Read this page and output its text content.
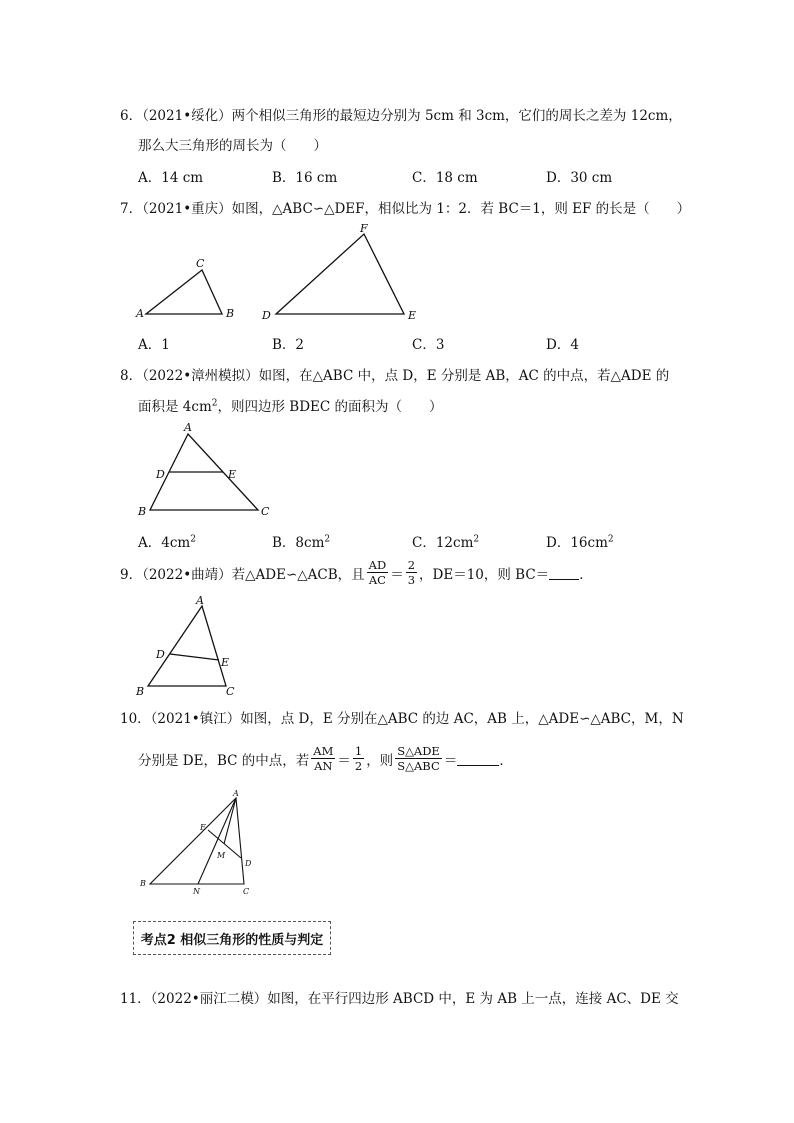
6．（2021•绥化）两个相似三角形的最短边分别为 5cm 和 3cm，它们的周长之差为 12cm，
那么大三角形的周长为（　　）
A．14 cm	B．16 cm	C．18 cm	D．30 cm
7．（2021•重庆）如图，△ABC∽△DEF，相似比为 1：2．若 BC＝1，则 EF 的长是（　　）
A	B
C
D	E
F
A．1	B．2	C．3	D．4
8．（2022•漳州模拟）如图，在△ABC 中，点 D，E 分别是 AB，AC 的中点，若△ADE 的
面积是 $4cm^2$，则四边形 BDEC 的面积为（　　）
A
B	C
D	E
A．$4cm^2$	B．$8cm^2$	C．$12cm^2$	D．$16cm^2$
9．（2022•曲靖）若△ADE∽△ACB，且 $\frac{AD}{AC} = \frac{2}{3}$ ，DE＝10，则 BC＝ ．
A
B	C
D
E
10．（2021•镇江）如图，点 D，E 分别在△ABC 的边 AC，AB 上，△ADE∽△ABC，M，N
分别是 DE，BC 的中点，若 $\frac{AM}{AN} = \frac{1}{2}$ ，则 $\frac{\text{S△ADE}}{\text{S△ABC}}$ ＝	．
A
B
C
D
E
M
N
考点2 相似三角形的性质与判定
11．（2022•丽江二模）如图，在平行四边形 ABCD 中，E 为 AB 上一点，连接 AC、DE 交
